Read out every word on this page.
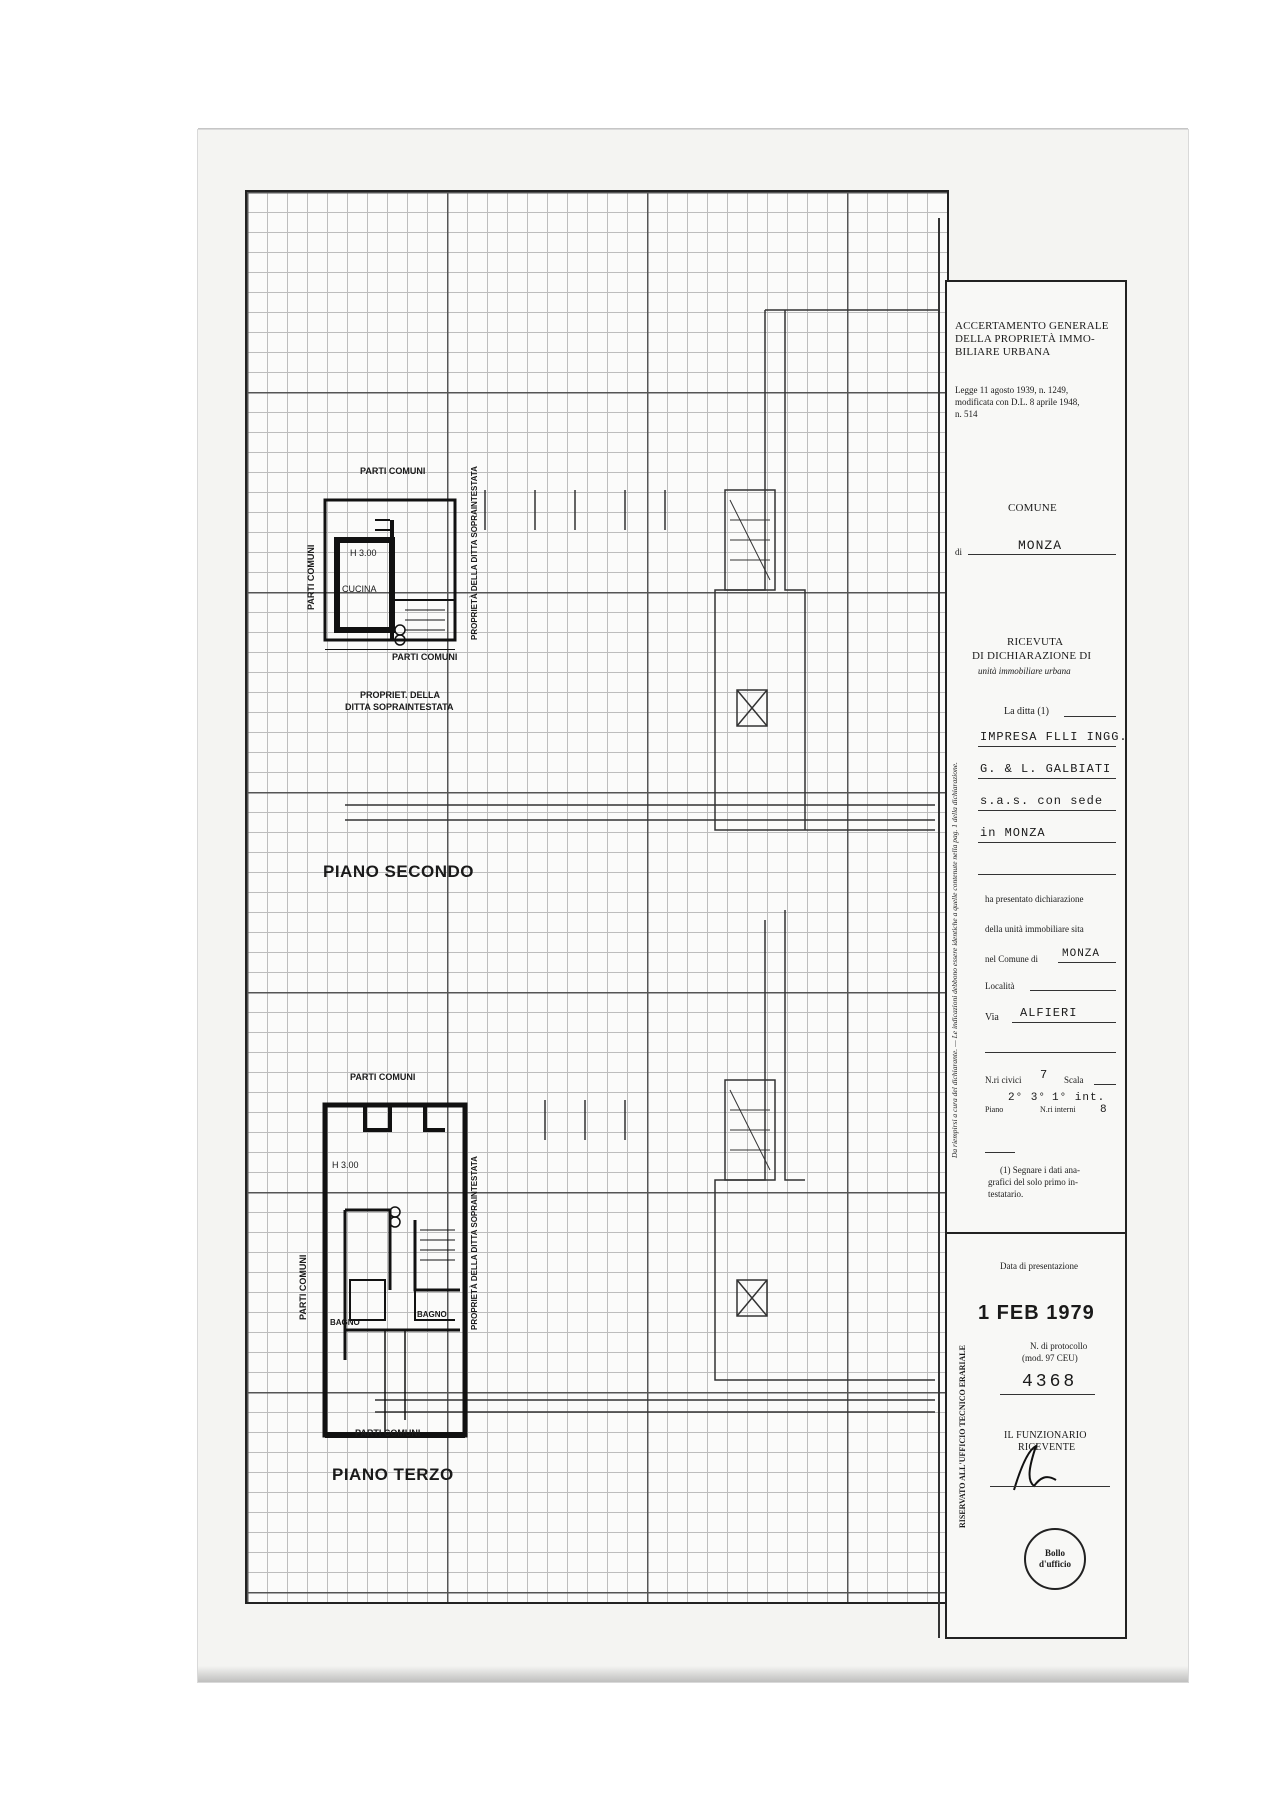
PARTI COMUNI
PARTI COMUNI	PROPRIETÀ DELLA DITTA SOPRAINTESTATA
H 3.00
CUCINA
PARTI COMUNI
PROPRIET. DELLA
DITTA SOPRAINTESTATA
PIANO SECONDO
PARTI COMUNI
PARTI COMUNI	PROPRIETÀ DELLA DITTA SOPRAINTESTATA
H 3.00
BAGNO
BAGNO
PARTI COMUNI
PIANO TERZO
ACCERTAMENTO GENERALE
DELLA PROPRIETÀ IMMO-
BILIARE URBANA
Legge 11 agosto 1939, n. 1249,
modificata con D.L. 8 aprile 1948,
n. 514
COMUNE
di	MONZA
RICEVUTA
DI DICHIARAZIONE DI
unità immobiliare urbana
La ditta (1)
IMPRESA FLLI INGG.
G. & L. GALBIATI
s.a.s. con sede
in MONZA
Da riempirsi a cura del dichiarante. — Le indicazioni debbono essere identiche a quelle contenute nella pag. 1 della dichiarazione.	ha presentato dichiarazione
della unità immobiliare sita
nel Comune di MONZA
Località
Via ALFIERI
N.ri civici 7 Scala
2° 3° 1° int.
Piano	N.ri interni 8
(1) Segnare i dati ana-
grafici del solo primo in-
testatario.
RISERVATO ALL'UFFICIO TECNICO ERARIALE
Data di presentazione
1 FEB 1979
N. di protocollo
(mod. 97 CEU)
4368
IL FUNZIONARIO
RICEVENTE
Bollo
d'ufficio
